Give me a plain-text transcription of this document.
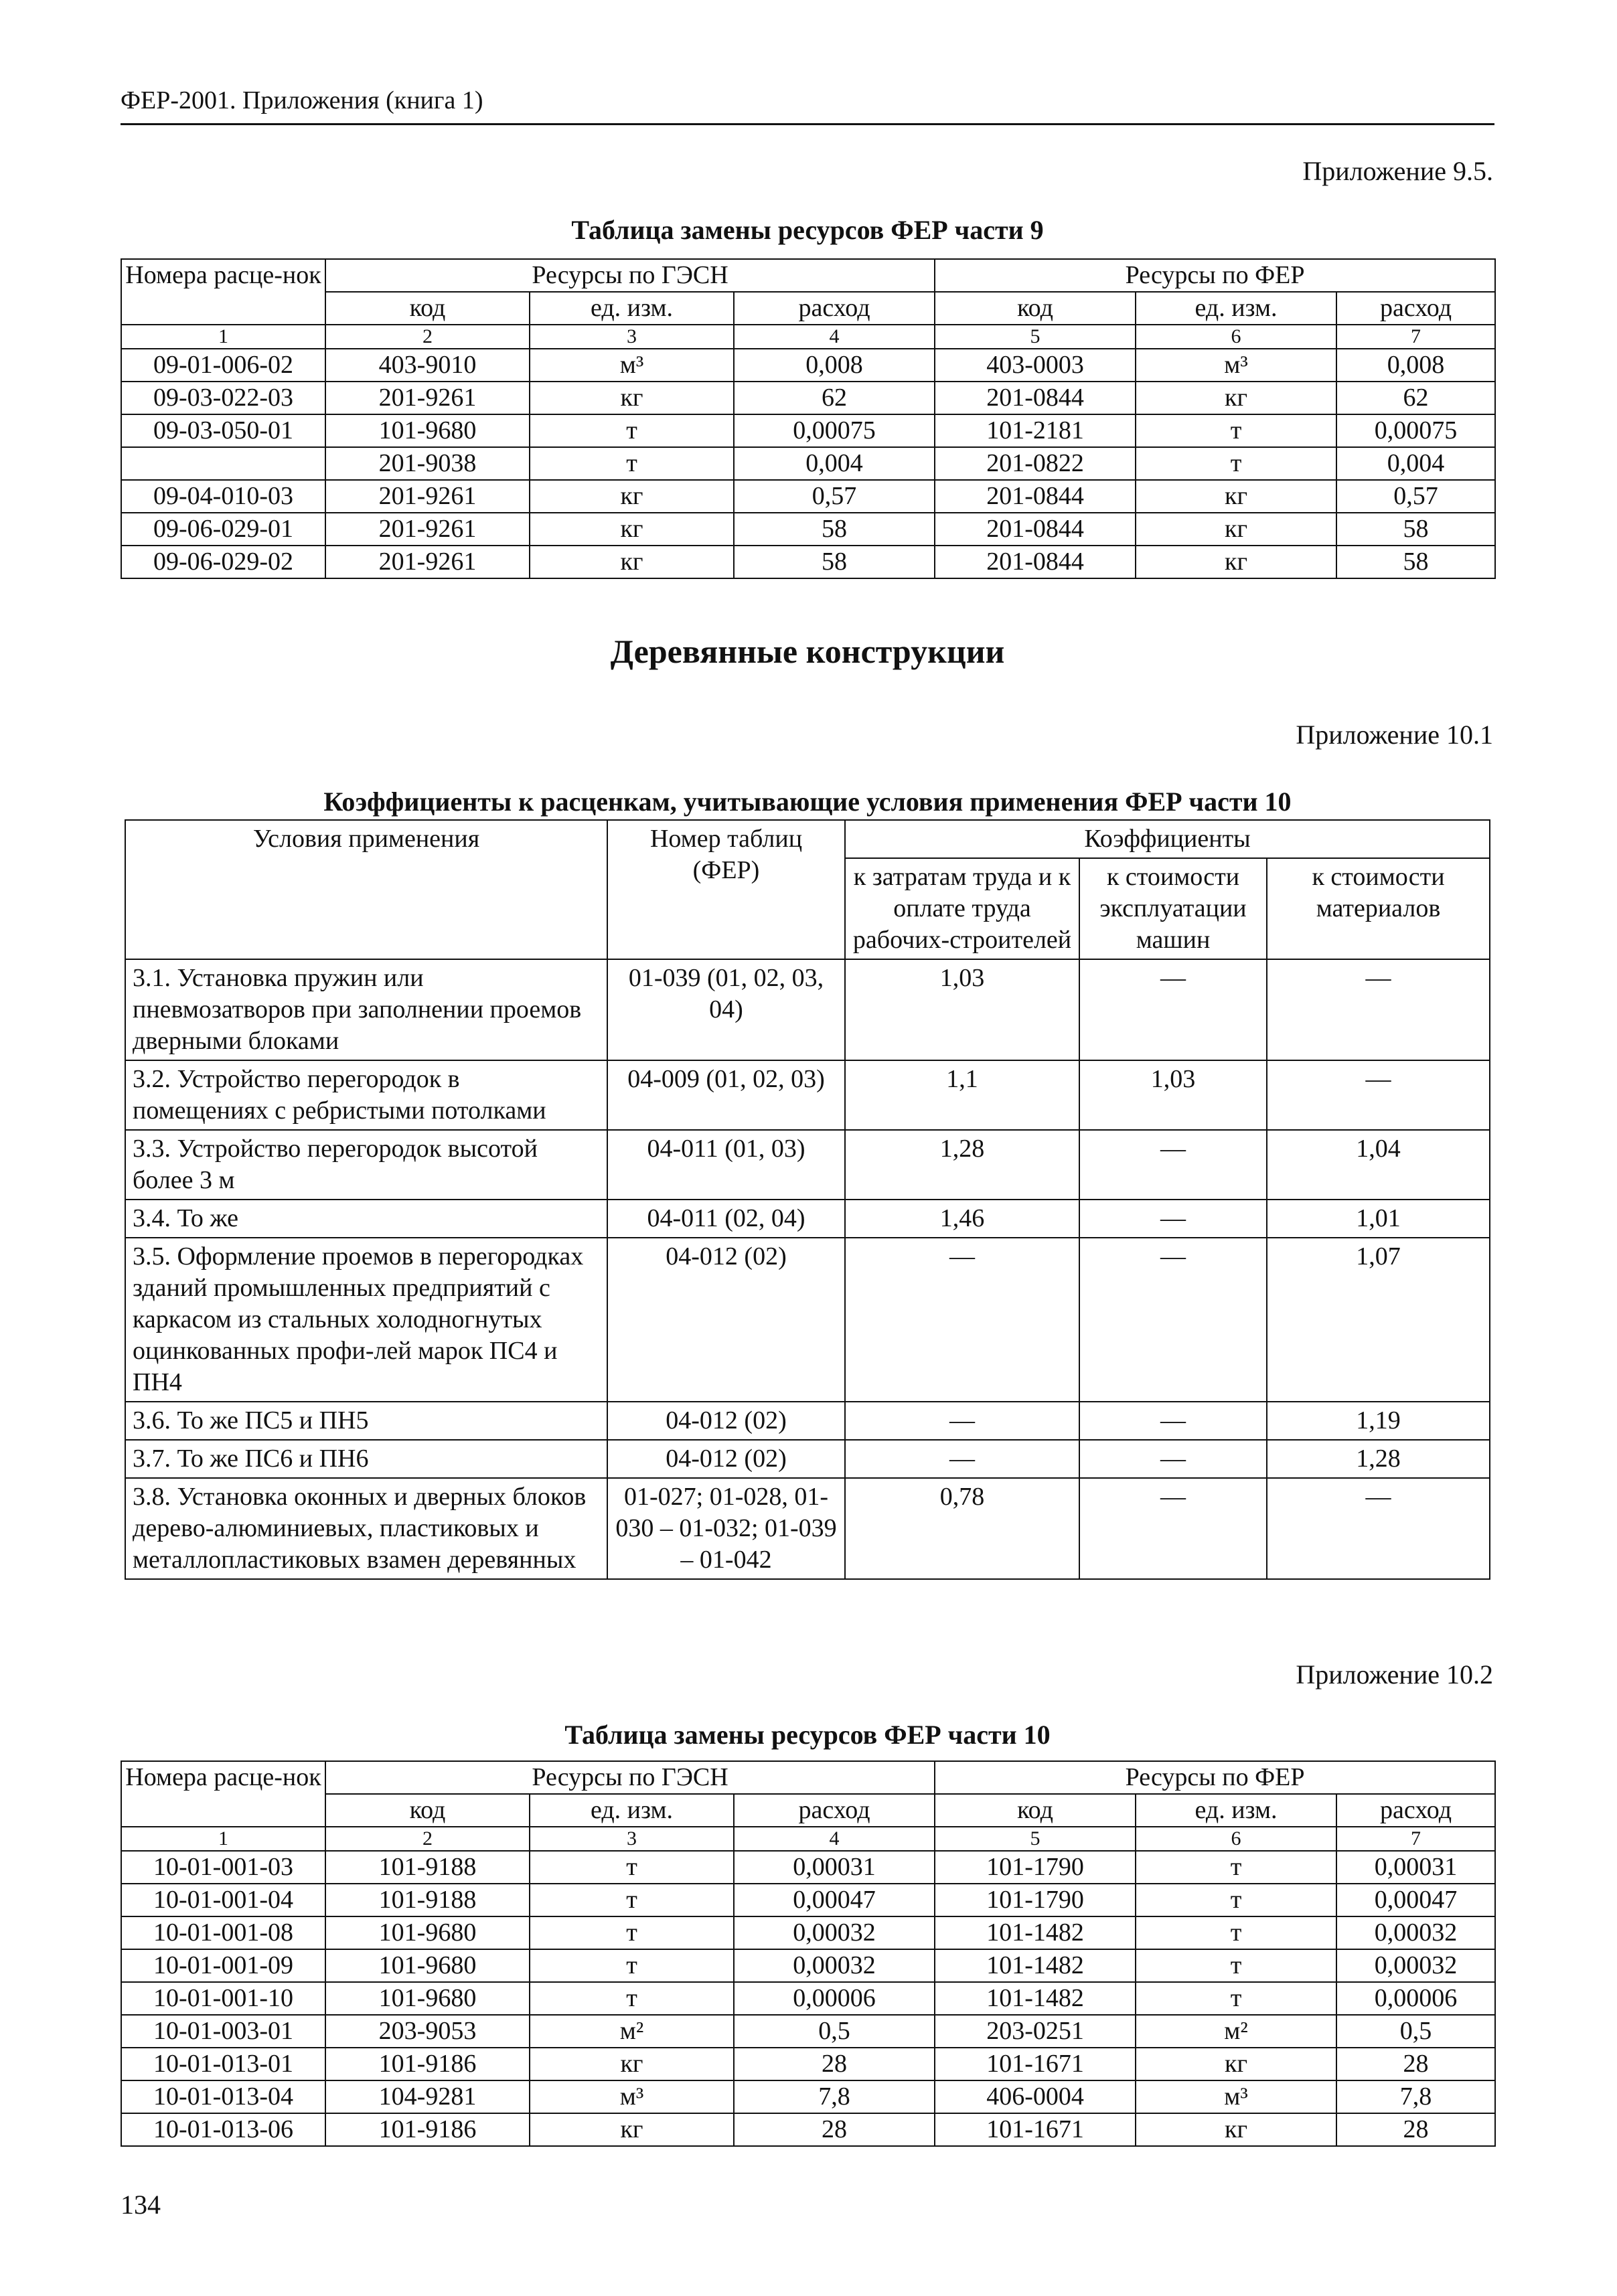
ФЕР-2001. Приложения (книга 1)
Приложение 9.5.
Таблица замены ресурсов ФЕР части 9
Номера расце-нок	Ресурсы по ГЭСН			Ресурсы по ФЕР		
	код	ед. изм.	расход	код	ед. изм.	расход
1	2	3	4	5	6	7
09-01-006-02	403-9010	м³	0,008	403-0003	м³	0,008
09-03-022-03	201-9261	кг	62	201-0844	кг	62
09-03-050-01	101-9680	т	0,00075	101-2181	т	0,00075
	201-9038	т	0,004	201-0822	т	0,004
09-04-010-03	201-9261	кг	0,57	201-0844	кг	0,57
09-06-029-01	201-9261	кг	58	201-0844	кг	58
09-06-029-02	201-9261	кг	58	201-0844	кг	58
Деревянные конструкции
Приложение 10.1
Коэффициенты к расценкам, учитывающие условия применения ФЕР части 10
Условия применения	Номер таблиц (ФЕР)	Коэффициенты		
		к затратам труда и к оплате труда рабочих-строителей	к стоимости эксплуатации машин	к стоимости материалов
3.1. Установка пружин или пневмозатворов при заполнении проемов дверными блоками	01-039 (01, 02, 03, 04)	1,03	—	—
3.2. Устройство перегородок в помещениях с ребристыми потолками	04-009 (01, 02, 03)	1,1	1,03	—
3.3. Устройство перегородок высотой более 3 м	04-011 (01, 03)	1,28	—	1,04
3.4. То же	04-011 (02, 04)	1,46	—	1,01
3.5. Оформление проемов в перегородках зданий промышленных предприятий с каркасом из стальных холодногнутых оцинкованных профи-лей марок ПС4 и ПН4	04-012 (02)	—	—	1,07
3.6. То же ПС5 и ПН5	04-012 (02)	—	—	1,19
3.7. То же ПС6 и ПН6	04-012 (02)	—	—	1,28
3.8. Установка оконных и дверных блоков дерево-алюминиевых, пластиковых и металлопластиковых взамен деревянных	01-027; 01-028, 01-030 – 01-032; 01-039 – 01-042	0,78	—	—
Приложение 10.2
Таблица замены ресурсов ФЕР части 10
Номера расце-нок	Ресурсы по ГЭСН			Ресурсы по ФЕР		
	код	ед. изм.	расход	код	ед. изм.	расход
1	2	3	4	5	6	7
10-01-001-03	101-9188	т	0,00031	101-1790	т	0,00031
10-01-001-04	101-9188	т	0,00047	101-1790	т	0,00047
10-01-001-08	101-9680	т	0,00032	101-1482	т	0,00032
10-01-001-09	101-9680	т	0,00032	101-1482	т	0,00032
10-01-001-10	101-9680	т	0,00006	101-1482	т	0,00006
10-01-003-01	203-9053	м²	0,5	203-0251	м²	0,5
10-01-013-01	101-9186	кг	28	101-1671	кг	28
10-01-013-04	104-9281	м³	7,8	406-0004	м³	7,8
10-01-013-06	101-9186	кг	28	101-1671	кг	28
134
